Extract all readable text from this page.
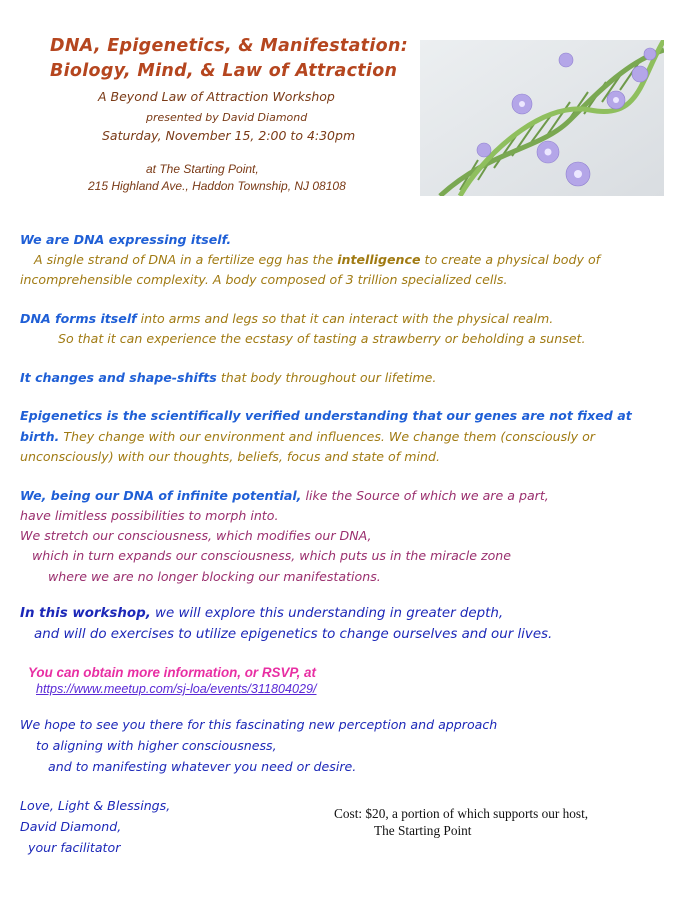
DNA, Epigenetics, & Manifestation:
Biology, Mind, & Law of Attraction
A Beyond Law of Attraction Workshop
presented by David Diamond
Saturday, November 15, 2:00 to 4:30pm
at The Starting Point,
215 Highland Ave., Haddon Township, NJ 08108
We are DNA expressing itself.
A single strand of DNA in a fertilize egg has the intelligence to create a physical body of
incomprehensible complexity. A body composed of 3 trillion specialized cells.
DNA forms itself into arms and legs so that it can interact with the physical realm.
So that it can experience the ecstasy of tasting a strawberry or beholding a sunset.
It changes and shape-shifts that body throughout our lifetime.
Epigenetics is the scientifically verified understanding that our genes are not fixed at
birth. They change with our environment and influences. We change them (consciously or
unconsciously) with our thoughts, beliefs, focus and state of mind.
We, being our DNA of infinite potential, like the Source of which we are a part,
have limitless possibilities to morph into.
We stretch our consciousness, which modifies our DNA,
which in turn expands our consciousness, which puts us in the miracle zone
where we are no longer blocking our manifestations.
In this workshop, we will explore this understanding in greater depth,
and will do exercises to utilize epigenetics to change ourselves and our lives.
You can obtain more information, or RSVP, at
https://www.meetup.com/sj-loa/events/311804029/
We hope to see you there for this fascinating new perception and approach
to aligning with higher consciousness,
and to manifesting whatever you need or desire.
Love, Light & Blessings,
David Diamond,
your facilitator
Cost: $20, a portion of which supports our host,
The Starting Point
